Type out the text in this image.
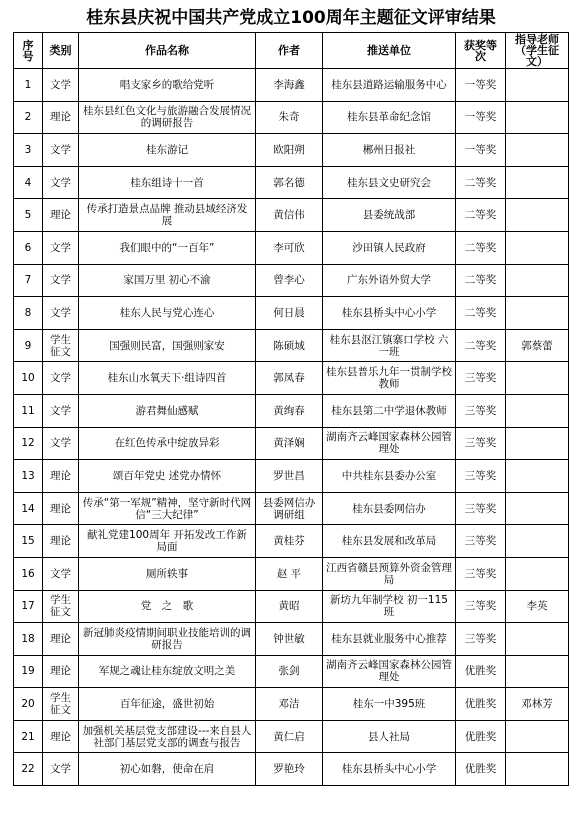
桂东县庆祝中国共产党成立100周年主题征文评审结果
序号	类别	作品名称	作者	推送单位	获奖等次	指导老师（学生征文）
1	文学	唱支家乡的歌给党听	李海鑫	桂东县道路运输服务中心	一等奖	
2	理论	桂东县红色文化与旅游融合发展情况的调研报告	朱奇	桂东县革命纪念馆	一等奖	
3	文学	桂东游记	欧阳朔	郴州日报社	一等奖	
4	文学	桂东组诗十一首	郭名德	桂东县文史研究会	二等奖	
5	理论	传承打造景点品牌 推动县域经济发展	黄信伟	县委统战部	二等奖	
6	文学	我们眼中的“一百年”	李可欣	沙田镇人民政府	二等奖	
7	文学	家国万里 初心不渝	曾李心	广东外语外贸大学	二等奖	
8	文学	桂东人民与党心连心	何日晨	桂东县桥头中心小学	二等奖	
9	学生征文	国强则民富，国强则家安	陈硕域	桂东县沤江镇寨口学校 六一班	二等奖	郭蔡蕾
10	文学	桂东山水氧天下·组诗四首	郭凤春	桂东县普乐九年一贯制学校教师	三等奖	
11	文学	游君舞仙感赋	黄绚春	桂东县第二中学退休教师	三等奖	
12	文学	在红色传承中绽放异彩	黄泽娴	湖南齐云峰国家森林公园管理处	三等奖	
13	理论	颂百年党史 述党办情怀	罗世昌	中共桂东县委办公室	三等奖	
14	理论	传承“第一军规”精神，坚守新时代网信“三大纪律”	县委网信办调研组	桂东县委网信办	三等奖	
15	理论	献礼党建100周年 开拓发改工作新局面	黄桂芬	桂东县发展和改革局	三等奖	
16	文学	厕所轶事	赵 平	江西省赣县预算外资金管理局	三等奖	
17	学生征文	党　之　歌	黄昭	新坊九年制学校 初一115班	三等奖	李英
18	理论	新冠肺炎疫情期间职业技能培训的调研报告	钟世敏	桂东县就业服务中心推荐	三等奖	
19	理论	军规之魂让桂东绽放文明之美	张剑	湖南齐云峰国家森林公园管理处	优胜奖	
20	学生征文	百年征途，盛世初始	邓洁	桂东一中395班	优胜奖	邓林芳
21	理论	加强机关基层党支部建设---来自县人社部门基层党支部的调查与报告	黄仁启	县人社局	优胜奖	
22	文学	初心如磐，使命在肩	罗艳玲	桂东县桥头中心小学	优胜奖	
